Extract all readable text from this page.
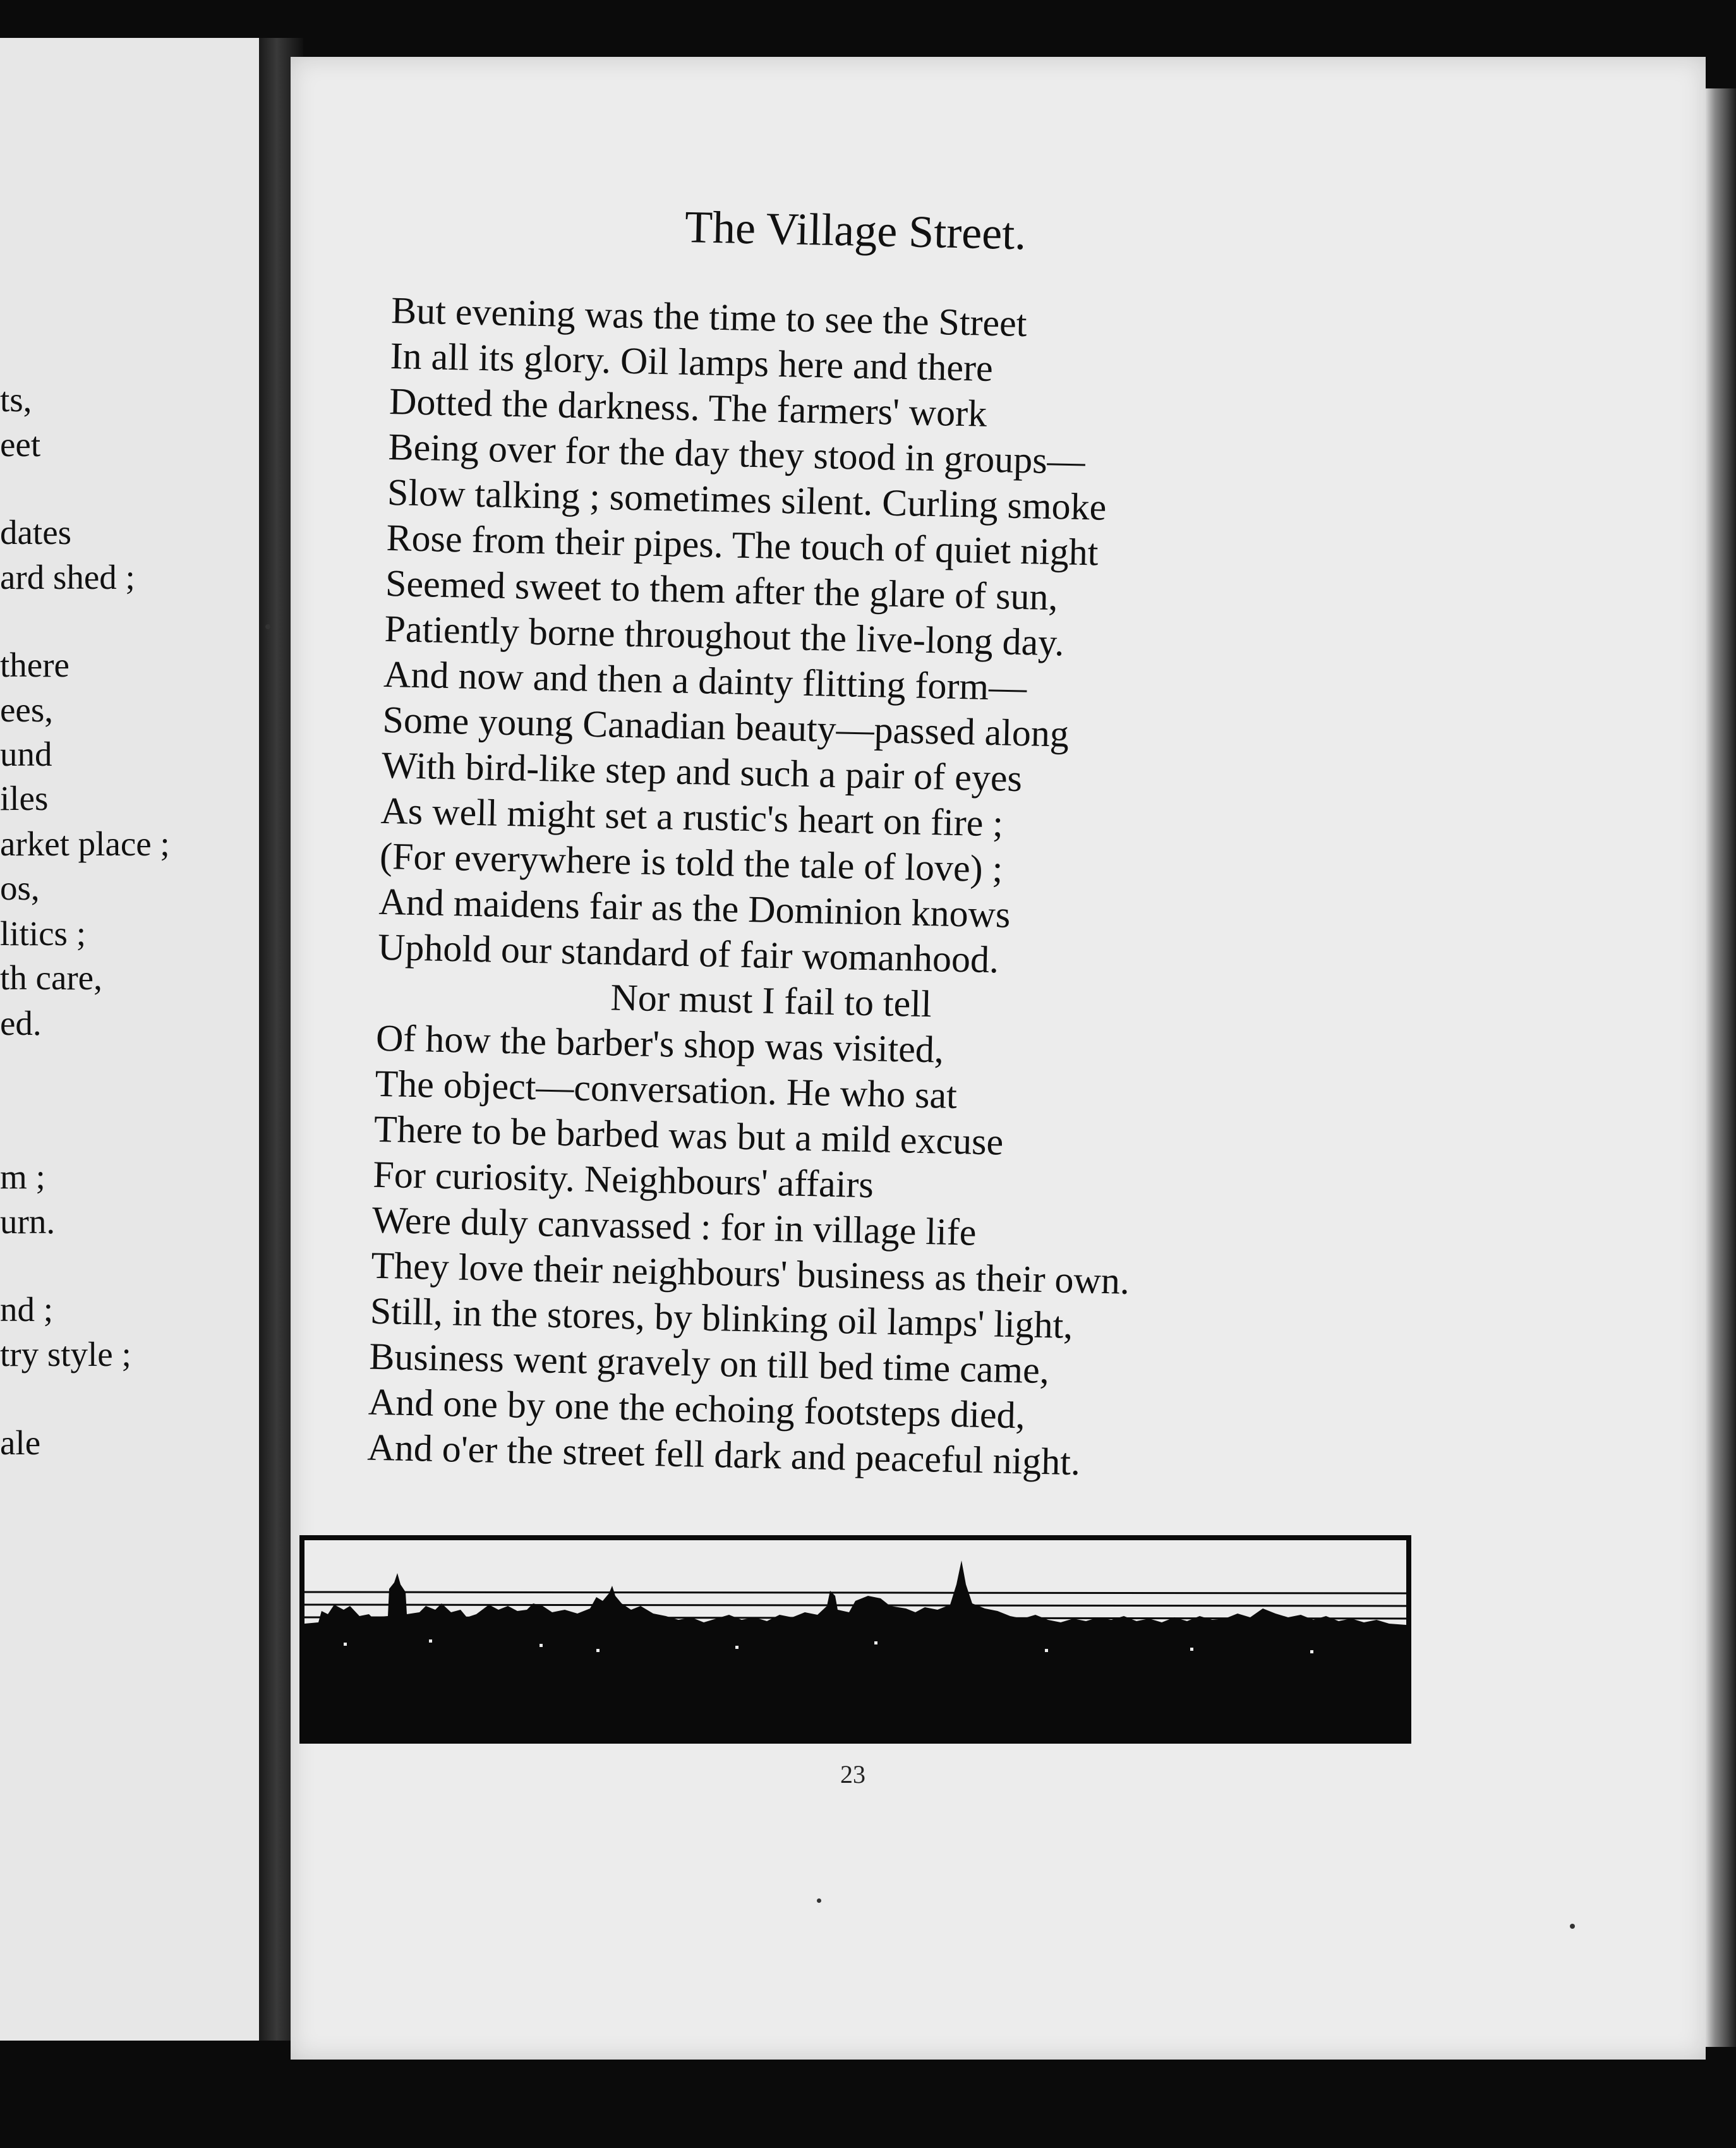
ts,
eet
dates
ard shed ;
there
ees,
und
iles
arket place ;
os,
litics ;
th care,
ed.
m ;
urn.
nd ;
try style ;
ale
The Village Street.
But evening was the time to see the Street
In all its glory. Oil lamps here and there
Dotted the darkness. The farmers' work
Being over for the day they stood in groups—
Slow talking ; sometimes silent. Curling smoke
Rose from their pipes. The touch of quiet night
Seemed sweet to them after the glare of sun,
Patiently borne throughout the live-long day.
And now and then a dainty flitting form—
Some young Canadian beauty—passed along
With bird-like step and such a pair of eyes
As well might set a rustic's heart on fire ;
(For everywhere is told the tale of love) ;
And maidens fair as the Dominion knows
Uphold our standard of fair womanhood.
Nor must I fail to tell
Of how the barber's shop was visited,
The object—conversation. He who sat
There to be barbed was but a mild excuse
For curiosity. Neighbours' affairs
Were duly canvassed : for in village life
They love their neighbours' business as their own.
Still, in the stores, by blinking oil lamps' light,
Business went gravely on till bed time came,
And one by one the echoing footsteps died,
And o'er the street fell dark and peaceful night.
23
